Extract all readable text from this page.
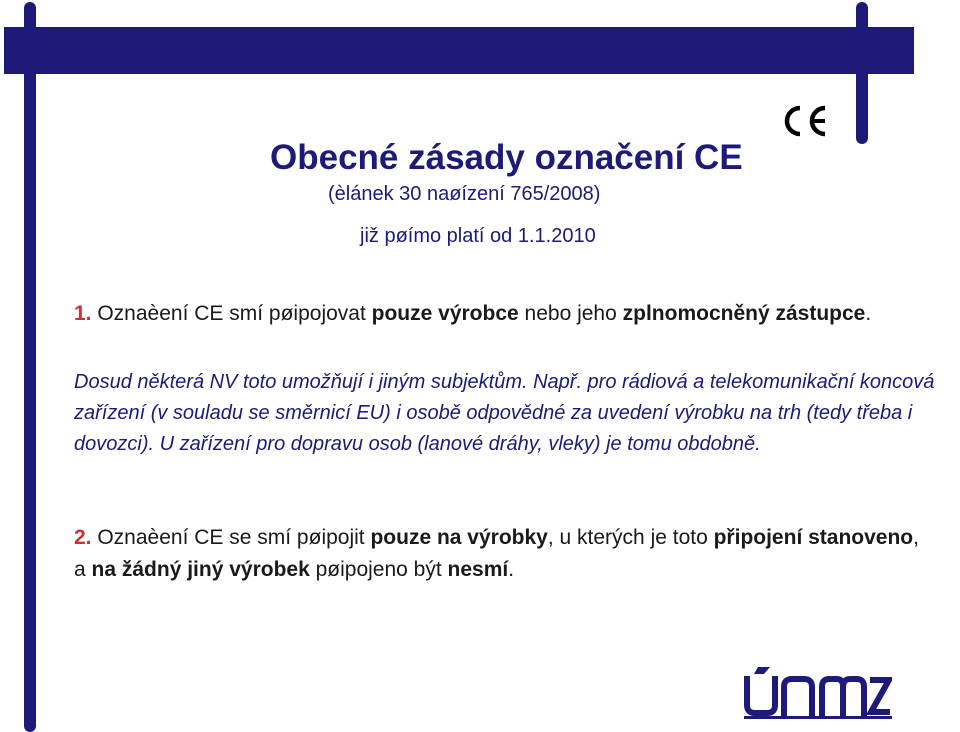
Obecné zásady označení CE
(èlánek 30 naøízení 765/2008)
již pøímo platí od 1.1.2010

1. Oznaèení CE smí pøipojovat pouze výrobce nebo jeho zplnomocněný zástupce.

Dosud některá NV toto umožňují i jiným subjektům. Např. pro rádiová a telekomunikační koncová zařízení (v souladu se směrnicí EU) i osobě odpovědné za uvedení výrobku na trh (tedy třeba i dovozci). U zařízení pro dopravu osob (lanové dráhy, vleky) je tomu obdobně.

2. Oznaèení CE se smí pøipojit pouze na výrobky, u kterých je toto připojení stanoveno, a na žádný jiný výrobek pøipojeno být nesmí.
